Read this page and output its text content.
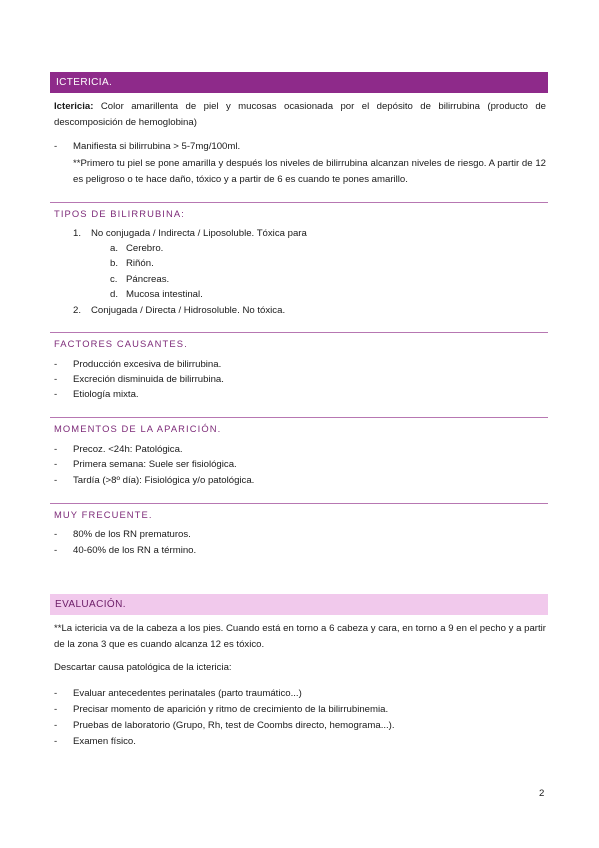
ICTERICIA.
Ictericia: Color amarillenta de piel y mucosas ocasionada por el depósito de bilirrubina (producto de descomposición de hemoglobina)
- Manifiesta si bilirrubina > 5-7mg/100ml.
**Primero tu piel se pone amarilla y después los niveles de bilirrubina alcanzan niveles de riesgo. A partir de 12 es peligroso o te hace daño, tóxico y a partir de 6 es cuando te pones amarillo.
TIPOS DE BILIRRUBINA:
1. No conjugada / Indirecta / Liposoluble. Tóxica para
a. Cerebro.
b. Riñón.
c. Páncreas.
d. Mucosa intestinal.
2. Conjugada / Directa / Hidrosoluble. No tóxica.
FACTORES CAUSANTES.
- Producción excesiva de bilirrubina.
- Excreción disminuida de bilirrubina.
- Etiología mixta.
MOMENTOS DE LA APARICIÓN.
- Precoz. <24h: Patológica.
- Primera semana: Suele ser fisiológica.
- Tardía (>8º día): Fisiológica y/o patológica.
MUY FRECUENTE.
- 80% de los RN prematuros.
- 40-60% de los RN a término.
EVALUACIÓN.
**La ictericia va de la cabeza a los pies. Cuando está en torno a 6 cabeza y cara, en torno a 9 en el pecho y a partir de la zona 3 que es cuando alcanza 12 es tóxico.
Descartar causa patológica de la ictericia:
- Evaluar antecedentes perinatales (parto traumático...)
- Precisar momento de aparición y ritmo de crecimiento de la bilirrubinemia.
- Pruebas de laboratorio (Grupo, Rh, test de Coombs directo, hemograma...).
- Examen físico.
2
